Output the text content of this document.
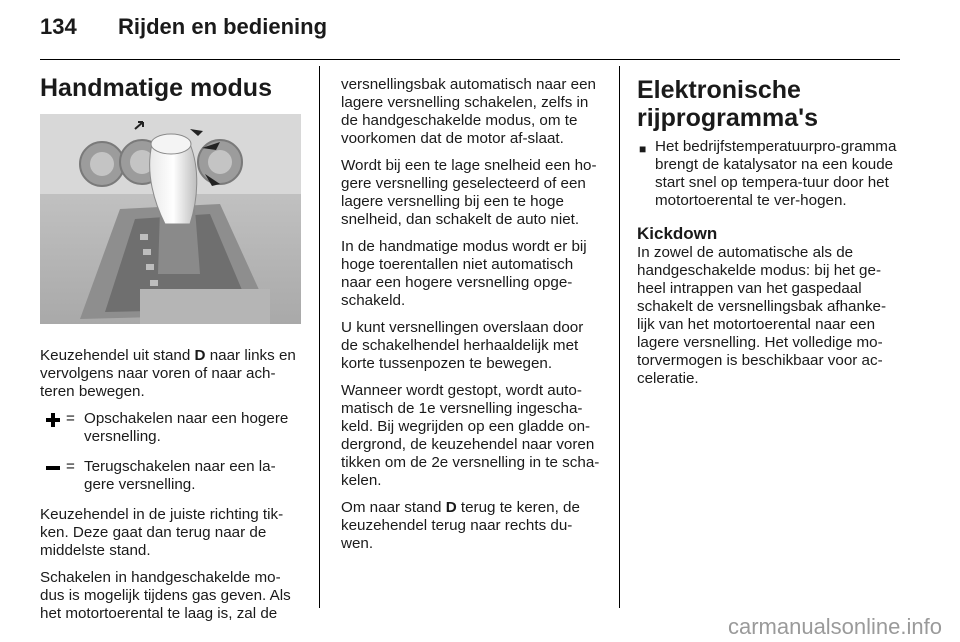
134 Rijden en bediening
Handmatige modus

Keuzehendel uit stand D naar links en vervolgens naar voren of naar ach-teren bewegen.

= Opschakelen naar een hogere versnelling.
= Terugschakelen naar een la-gere versnelling.

Keuzehendel in de juiste richting tik-ken. Deze gaat dan terug naar de middelste stand.

Schakelen in handgeschakelde mo-dus is mogelijk tijdens gas geven. Als het motortoerental te laag is, zal de

versnellingsbak automatisch naar een lagere versnelling schakelen, zelfs in de handgeschakelde modus, om te voorkomen dat de motor af-slaat.

Wordt bij een te lage snelheid een ho-gere versnelling geselecteerd of een lagere versnelling bij een te hoge snelheid, dan schakelt de auto niet.

In de handmatige modus wordt er bij hoge toerentallen niet automatisch naar een hogere versnelling opge-schakeld.

U kunt versnellingen overslaan door de schakelhendel herhaaldelijk met korte tussenpozen te bewegen.

Wanneer wordt gestopt, wordt auto-matisch de 1e versnelling ingescha-keld. Bij wegrijden op een gladde on-dergrond, de keuzehendel naar voren tikken om de 2e versnelling in te scha-kelen.

Om naar stand D terug te keren, de keuzehendel terug naar rechts du-wen.

Elektronische rijprogramma's
■ Het bedrijfstemperatuurpro-gramma brengt de katalysator na een koude start snel op tempera-tuur door het motortoerental te ver-hogen.
Kickdown

In zowel de automatische als de handgeschakelde modus: bij het ge-heel intrappen van het gaspedaal schakelt de versnellingsbak afhanke-lijk van het motortoerental naar een lagere versnelling. Het volledige mo-torvermogen is beschikbaar voor ac-celeratie.

carmanualsonline.info
